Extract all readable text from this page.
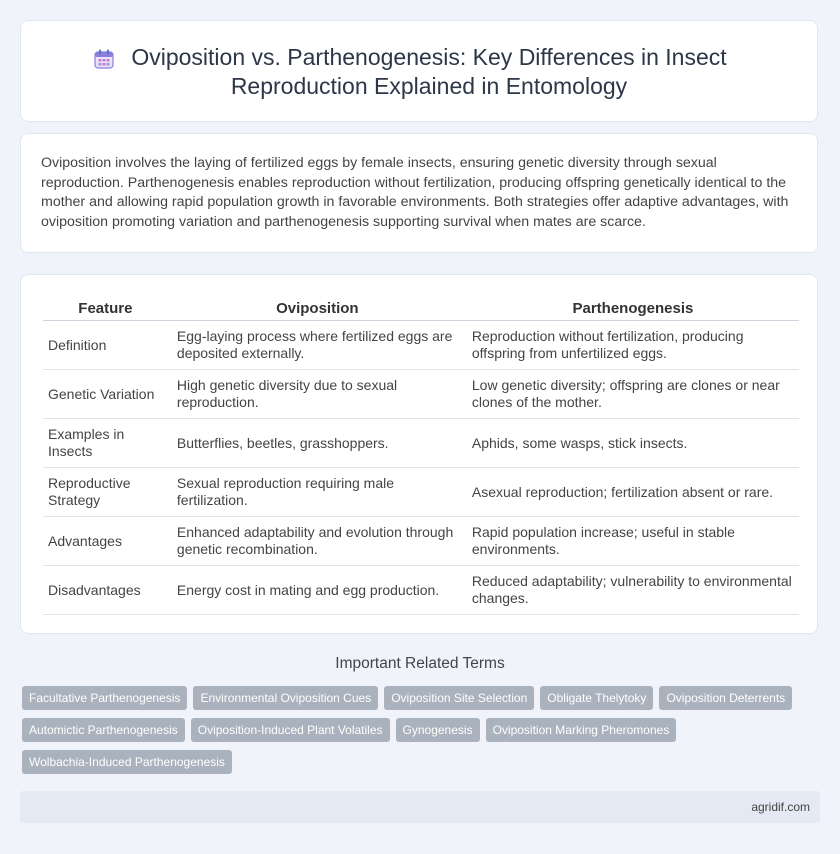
Oviposition vs. Parthenogenesis: Key Differences in Insect Reproduction Explained in Entomology
Oviposition involves the laying of fertilized eggs by female insects, ensuring genetic diversity through sexual reproduction. Parthenogenesis enables reproduction without fertilization, producing offspring genetically identical to the mother and allowing rapid population growth in favorable environments. Both strategies offer adaptive advantages, with oviposition promoting variation and parthenogenesis supporting survival when mates are scarce.
Feature		Oviposition		Parthenogenesis
Definition		Egg-laying process where fertilized eggs are deposited externally.		Reproduction without fertilization, producing offspring from unfertilized eggs.
Genetic Variation		High genetic diversity due to sexual reproduction.		Low genetic diversity; offspring are clones or near clones of the mother.
Examples in Insects		Butterflies, beetles, grasshoppers.		Aphids, some wasps, stick insects.
Reproductive Strategy		Sexual reproduction requiring male fertilization.		Asexual reproduction; fertilization absent or rare.
Advantages		Enhanced adaptability and evolution through genetic recombination.		Rapid population increase; useful in stable environments.
Disadvantages		Energy cost in mating and egg production.		Reduced adaptability; vulnerability to environmental changes.
Important Related Terms
Facultative Parthenogenesis Environmental Oviposition Cues Oviposition Site Selection Obligate Thelytoky Oviposition Deterrents
Automictic Parthenogenesis Oviposition-Induced Plant Volatiles Gynogenesis Oviposition Marking Pheromones
Wolbachia-Induced Parthenogenesis
agridif.com
